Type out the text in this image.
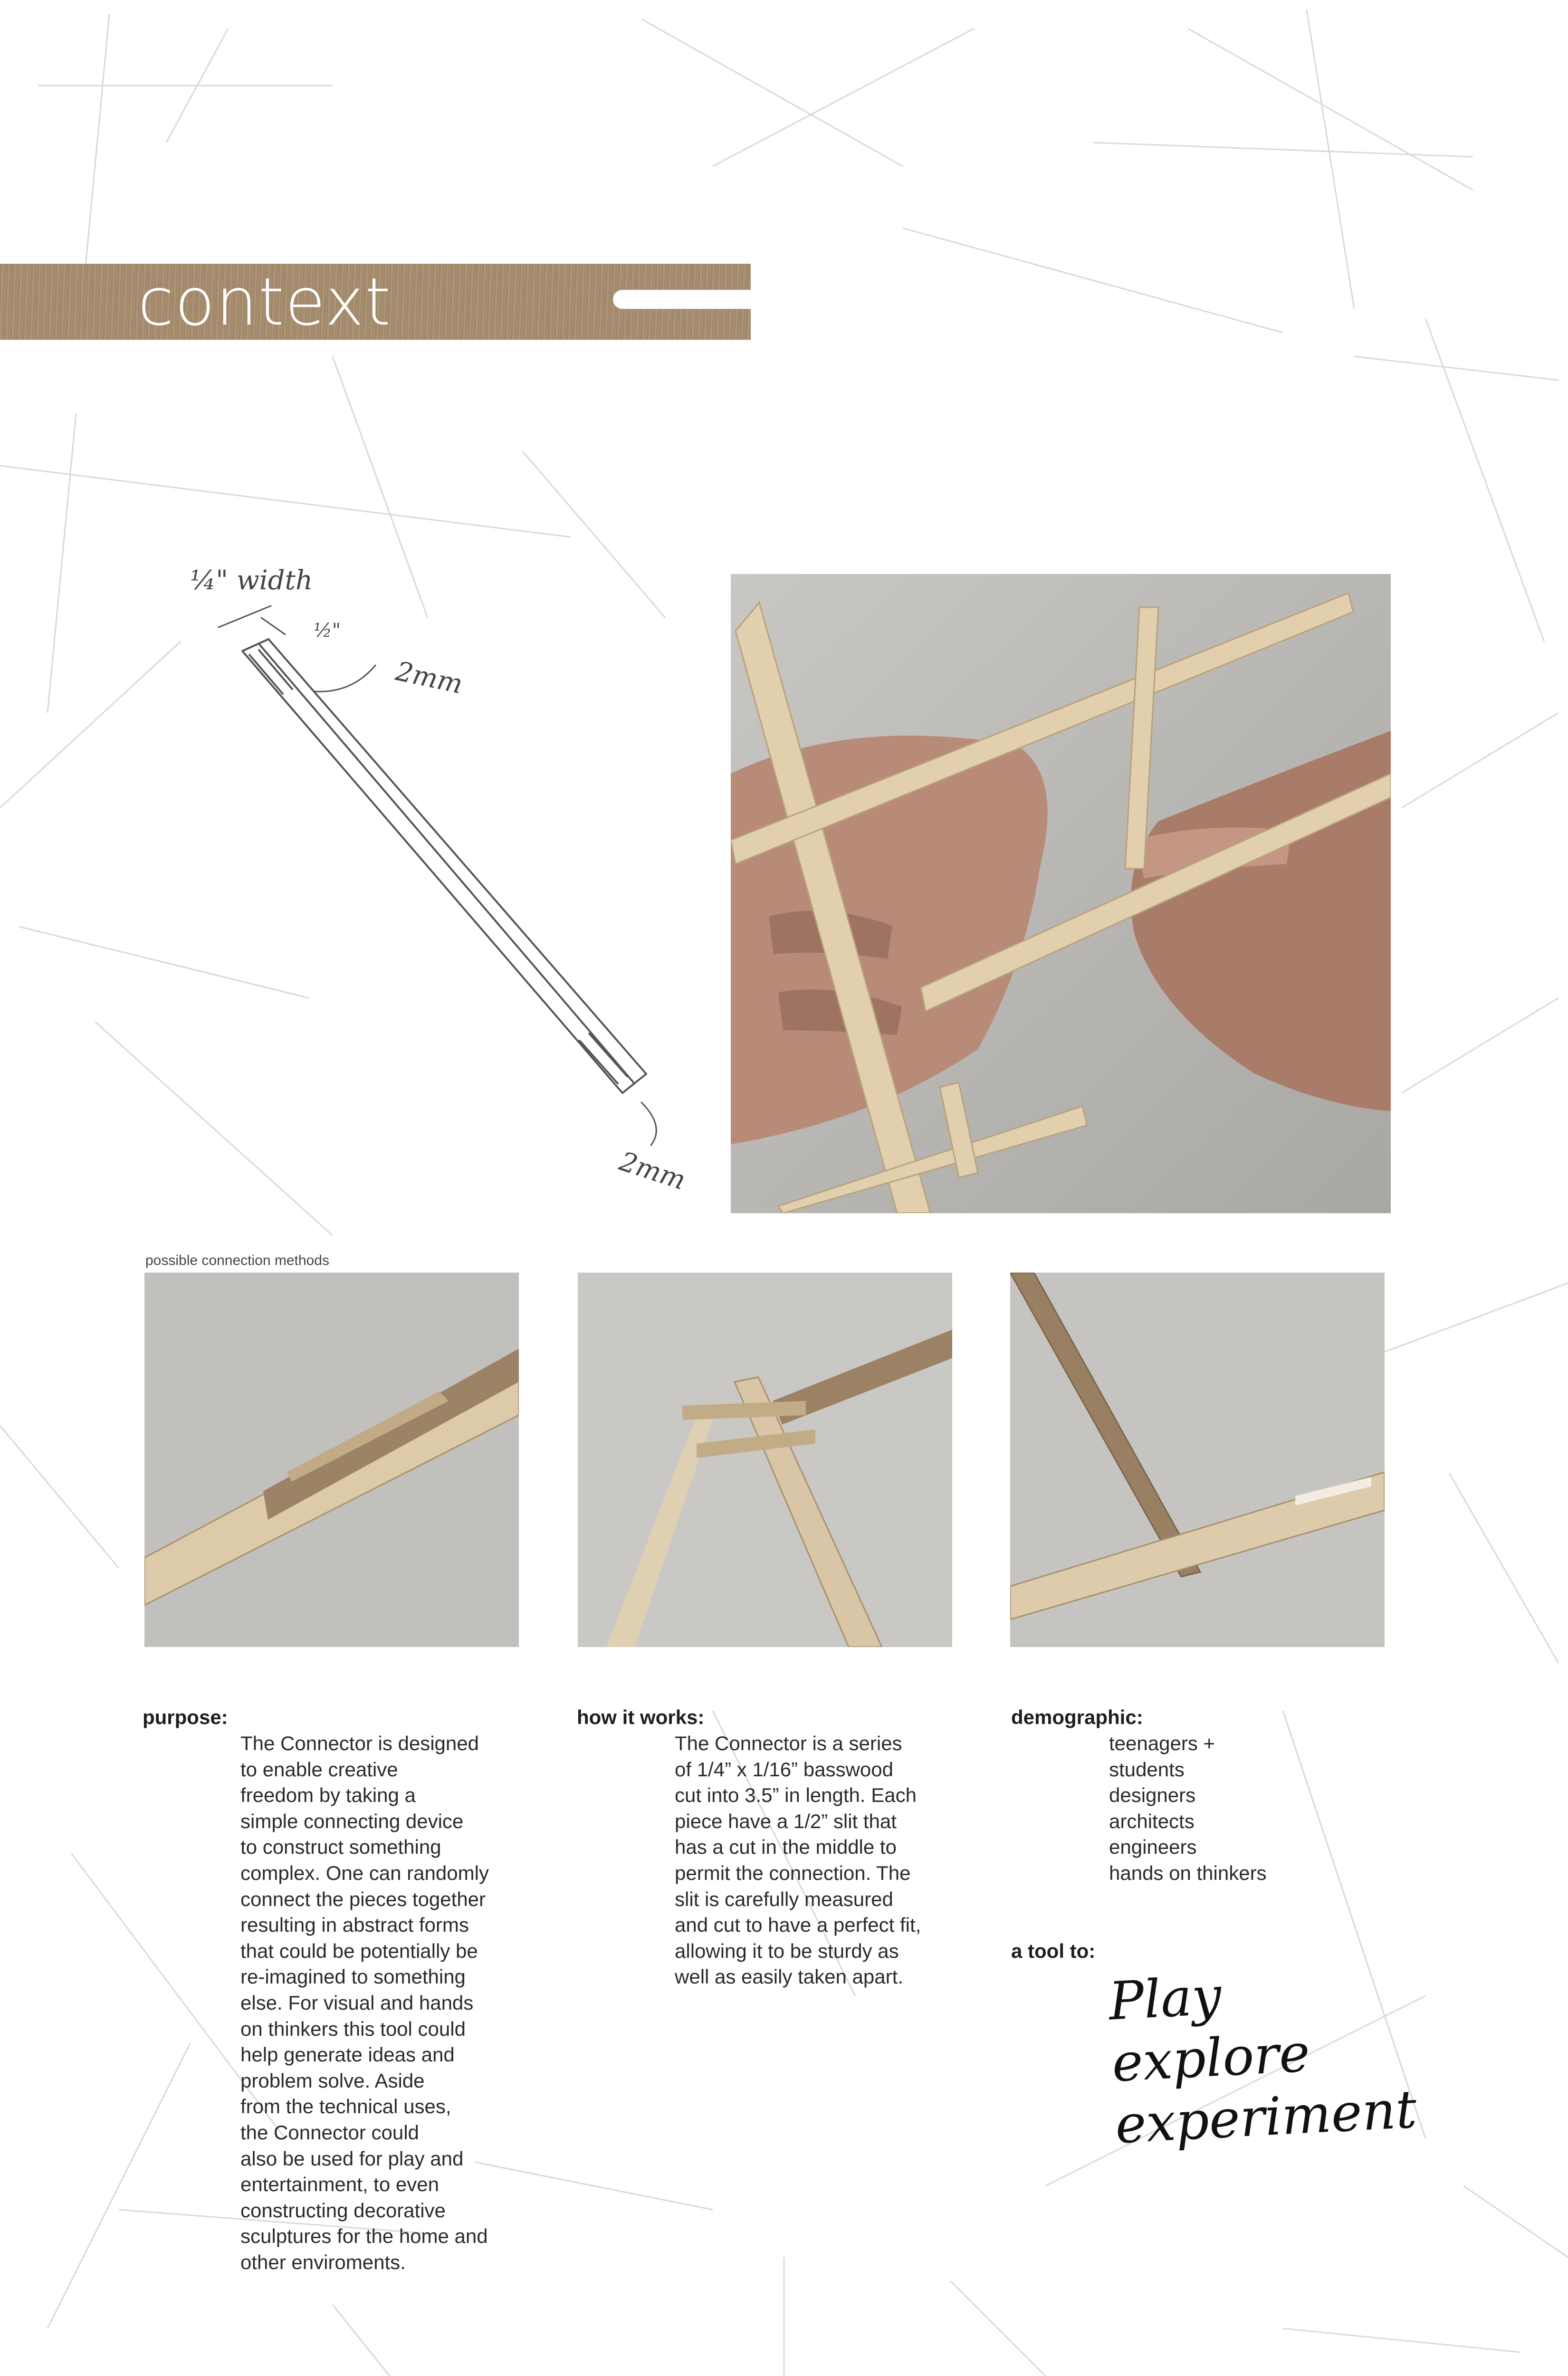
context
¼" width
½"
2mm
2mm
possible connection methods
purpose:
The Connector is designed
to enable creative
freedom by taking a
simple connecting device
to construct something
complex. One can randomly
connect the pieces together
resulting in abstract forms
that could be potentially be
re-imagined to something
else. For visual and hands
on thinkers this tool could
help generate ideas and
problem solve. Aside
from the technical uses,
the Connector could
also be used for play and
entertainment, to even
constructing decorative
sculptures for the home and
other enviroments.
how it works:
The Connector is a series
of 1/4” x 1/16” basswood
cut into 3.5” in length. Each
piece have a 1/2” slit that
has a cut in the middle to
permit the connection. The
slit is carefully measured
and cut to have a perfect fit,
allowing it to be sturdy as
well as easily taken apart.
demographic:
teenagers +
students
designers
architects
engineers
hands on thinkers
a tool to:
Play
explore
experiment
